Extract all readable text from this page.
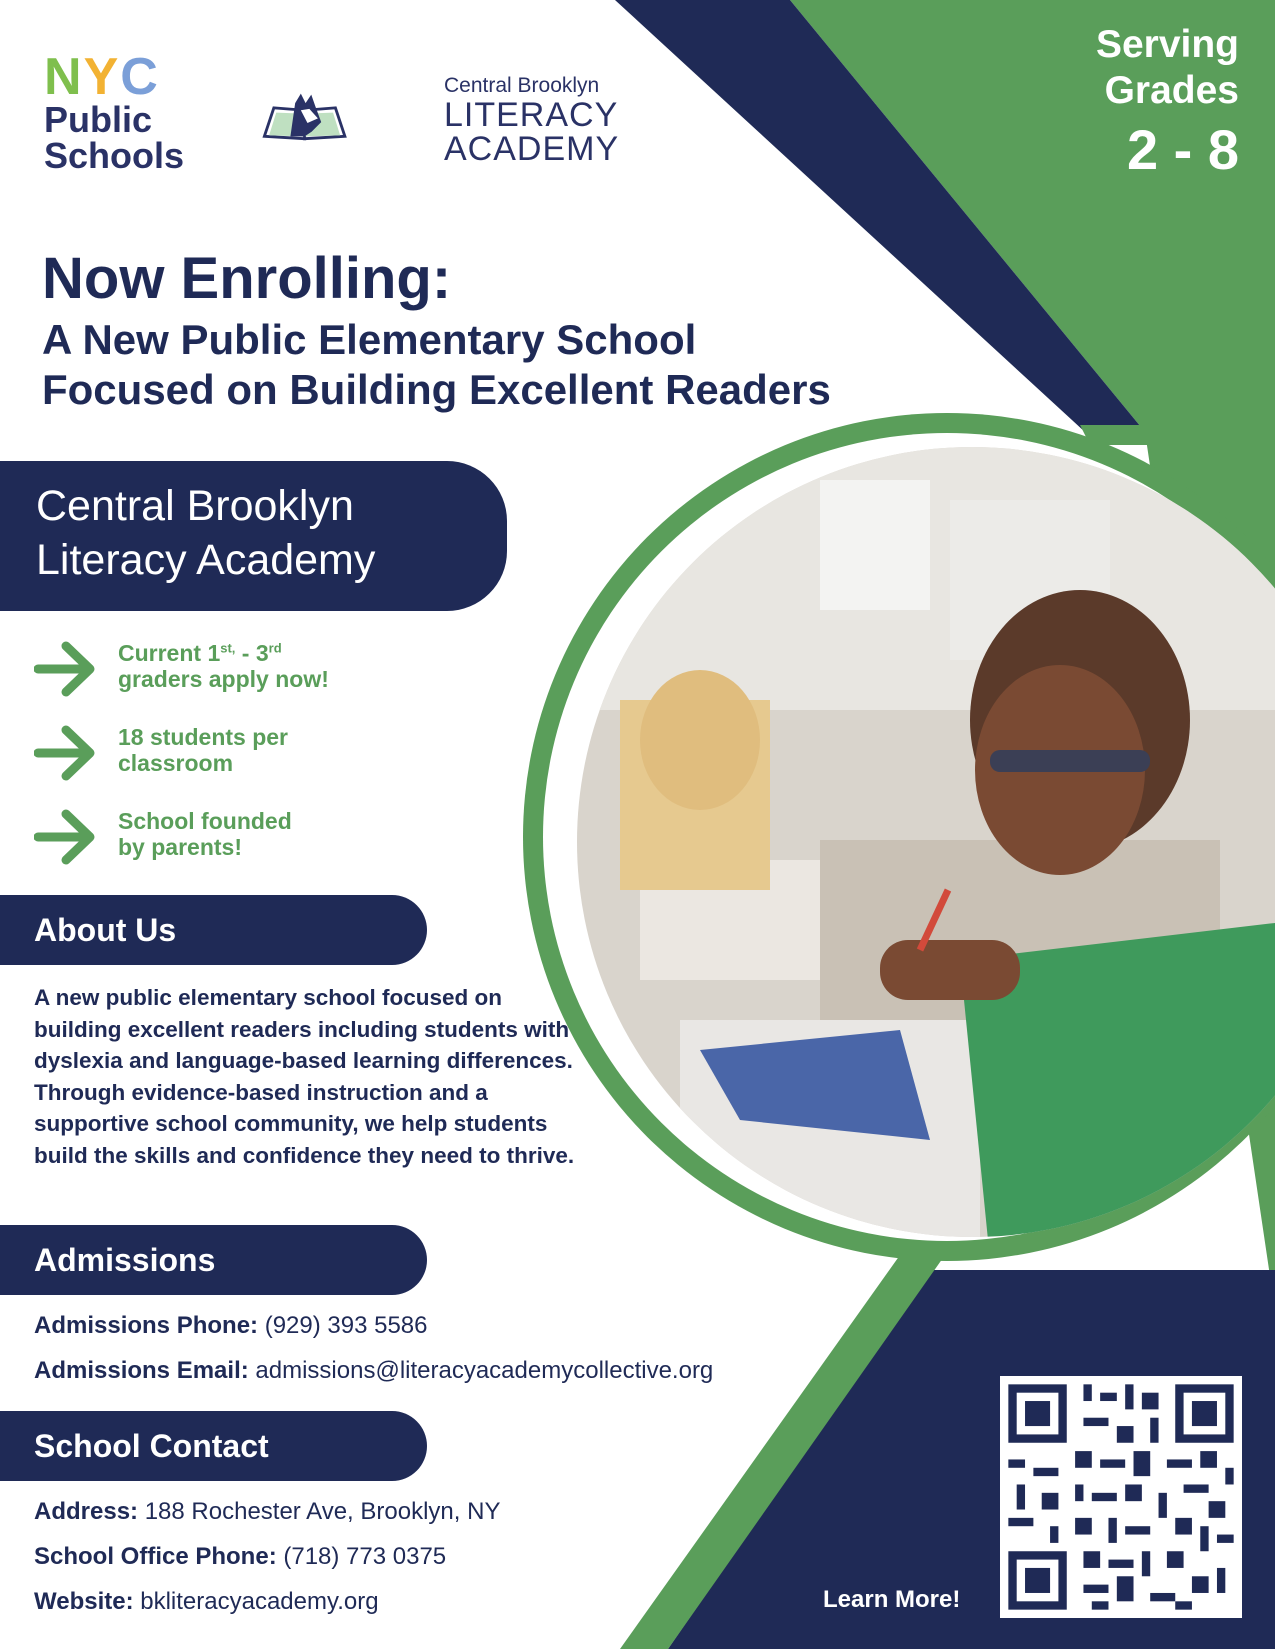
NYC
Public
Schools
Central Brooklyn
LITERACY
ACADEMY
Serving
Grades
2 - 8
Now Enrolling:
A New Public Elementary School
Focused on Building Excellent Readers
Central Brooklyn
Literacy Academy
Current $1^{st,} - 3rd$
graders apply now!
18 students per
classroom
School founded
by parents!
About Us
A new public elementary school focused on building excellent readers including students with dyslexia and language-based learning differences. Through evidence-based instruction and a supportive school community, we help students build the skills and confidence they need to thrive.
Admissions
Admissions Phone: (929) 393 5586
Admissions Email: admissions@literacyacademycollective.org
School Contact
Address: 188 Rochester Ave, Brooklyn, NY
School Office Phone: (718) 773 0375
Website: bkliteracyacademy.org	Learn More!
